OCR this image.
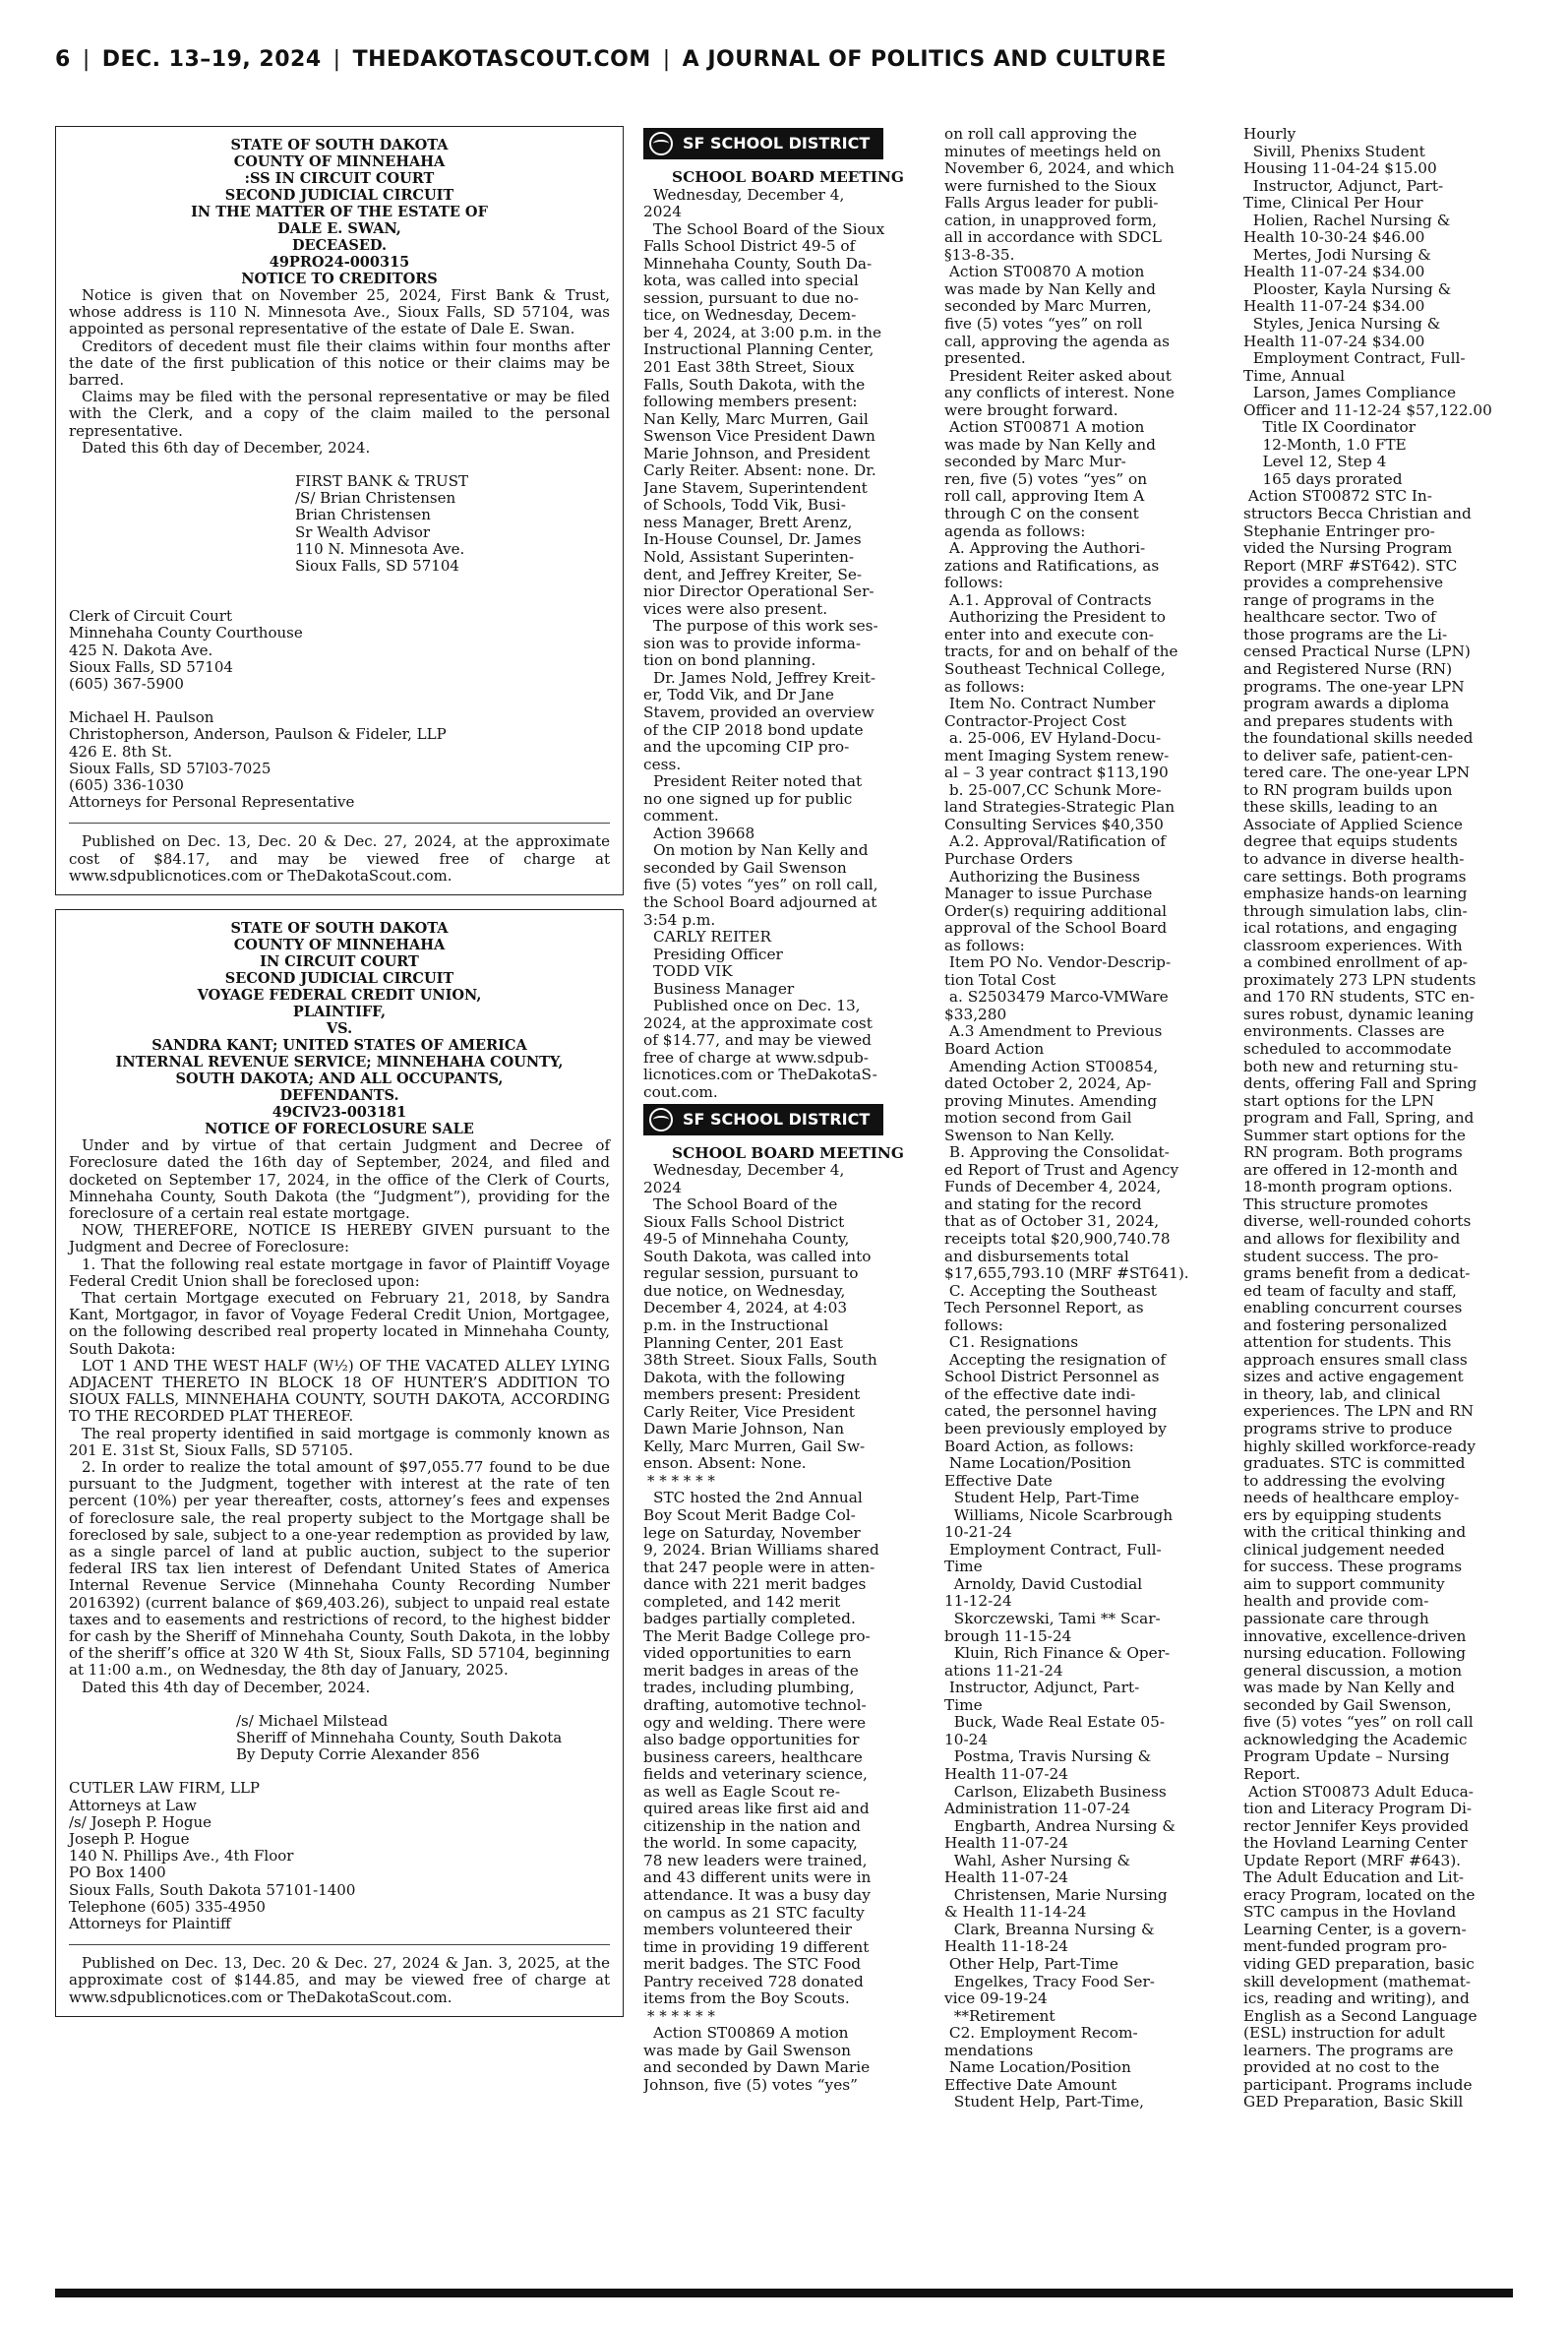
6 | DEC. 13–19, 2024 | THEDAKOTASCOUT.COM | A JOURNAL OF POLITICS AND CULTURE
STATE OF SOUTH DAKOTA
COUNTY OF MINNEHAHA
:SS IN CIRCUIT COURT
SECOND JUDICIAL CIRCUIT
IN THE MATTER OF THE ESTATE OF
DALE E. SWAN,
DECEASED.
49PRO24-000315
NOTICE TO CREDITORS
Notice is given that on November 25, 2024, First Bank & Trust, whose address is 110 N. Minnesota Ave., Sioux Falls, SD 57104, was appointed as personal representative of the estate of Dale E. Swan.
Creditors of decedent must file their claims within four months after the date of the first publication of this notice or their claims may be barred.
Claims may be filed with the personal representative or may be filed with the Clerk, and a copy of the claim mailed to the personal representative.
Dated this 6th day of December, 2024.
FIRST BANK & TRUST
/S/ Brian Christensen
Brian Christensen
Sr Wealth Advisor
110 N. Minnesota Ave.
Sioux Falls, SD 57104
Clerk of Circuit Court
Minnehaha County Courthouse
425 N. Dakota Ave.
Sioux Falls, SD 57104
(605) 367-5900
Michael H. Paulson
Christopherson, Anderson, Paulson & Fideler, LLP
426 E. 8th St.
Sioux Falls, SD 57l03-7025
(605) 336-1030
Attorneys for Personal Representative

Published on Dec. 13, Dec. 20 & Dec. 27, 2024, at the approximate cost of $84.17, and may be viewed free of charge at www.sdpublicnotices.com or TheDakotaScout.com.

STATE OF SOUTH DAKOTA
COUNTY OF MINNEHAHA
IN CIRCUIT COURT
SECOND JUDICIAL CIRCUIT
VOYAGE FEDERAL CREDIT UNION,
PLAINTIFF,
VS.
SANDRA KANT; UNITED STATES OF AMERICA
INTERNAL REVENUE SERVICE; MINNEHAHA COUNTY,
SOUTH DAKOTA; AND ALL OCCUPANTS,
DEFENDANTS.
49CIV23-003181
NOTICE OF FORECLOSURE SALE
Under and by virtue of that certain Judgment and Decree of Foreclosure dated the 16th day of September, 2024, and filed and docketed on September 17, 2024, in the office of the Clerk of Courts, Minnehaha County, South Dakota (the “Judgment”), providing for the foreclosure of a certain real estate mortgage.
NOW, THEREFORE, NOTICE IS HEREBY GIVEN pursuant to the Judgment and Decree of Foreclosure:
1. That the following real estate mortgage in favor of Plaintiff Voyage Federal Credit Union shall be foreclosed upon:
That certain Mortgage executed on February 21, 2018, by Sandra Kant, Mortgagor, in favor of Voyage Federal Credit Union, Mortgagee, on the following described real property located in Minnehaha County, South Dakota:
LOT 1 AND THE WEST HALF (W½) OF THE VACATED ALLEY LYING ADJACENT THERETO IN BLOCK 18 OF HUNTER’S ADDITION TO SIOUX FALLS, MINNEHAHA COUNTY, SOUTH DAKOTA, ACCORDING TO THE RECORDED PLAT THEREOF.
The real property identified in said mortgage is commonly known as 201 E. 31st St, Sioux Falls, SD 57105.
2. In order to realize the total amount of $97,055.77 found to be due pursuant to the Judgment, together with interest at the rate of ten percent (10%) per year thereafter, costs, attorney’s fees and expenses of foreclosure sale, the real property subject to the Mortgage shall be foreclosed by sale, subject to a one-year redemption as provided by law, as a single parcel of land at public auction, subject to the superior federal IRS tax lien interest of Defendant United States of America Internal Revenue Service (Minnehaha County Recording Number 2016392) (current balance of $69,403.26), subject to unpaid real estate taxes and to easements and restrictions of record, to the highest bidder for cash by the Sheriff of Minnehaha County, South Dakota, in the lobby of the sheriff’s office at 320 W 4th St, Sioux Falls, SD 57104, beginning at 11:00 a.m., on Wednesday, the 8th day of January, 2025.
Dated this 4th day of December, 2024.
/s/ Michael Milstead
Sheriff of Minnehaha County, South Dakota
By Deputy Corrie Alexander 856
CUTLER LAW FIRM, LLP
Attorneys at Law
/s/ Joseph P. Hogue
Joseph P. Hogue
140 N. Phillips Ave., 4th Floor
PO Box 1400
Sioux Falls, South Dakota 57101-1400
Telephone (605) 335-4950
Attorneys for Plaintiff

Published on Dec. 13, Dec. 20 & Dec. 27, 2024 & Jan. 3, 2025, at the approximate cost of $144.85, and may be viewed free of charge at www.sdpublicnotices.com or TheDakotaScout.com.

SF SCHOOL DISTRICT
SCHOOL BOARD MEETING
Wednesday, December 4,
2024
The School Board of the Sioux
Falls School District 49-5 of
Minnehaha County, South Da-
kota, was called into special
session, pursuant to due no-
tice, on Wednesday, Decem-
ber 4, 2024, at 3:00 p.m. in the
Instructional Planning Center,
201 East 38th Street, Sioux
Falls, South Dakota, with the
following members present:
Nan Kelly, Marc Murren, Gail
Swenson Vice President Dawn
Marie Johnson, and President
Carly Reiter. Absent: none. Dr.
Jane Stavem, Superintendent
of Schools, Todd Vik, Busi-
ness Manager, Brett Arenz,
In-House Counsel, Dr. James
Nold, Assistant Superinten-
dent, and Jeffrey Kreiter, Se-
nior Director Operational Ser-
vices were also present.
The purpose of this work ses-
sion was to provide informa-
tion on bond planning.
Dr. James Nold, Jeffrey Kreit-
er, Todd Vik, and Dr Jane
Stavem, provided an overview
of the CIP 2018 bond update
and the upcoming CIP pro-
cess.
President Reiter noted that
no one signed up for public
comment.
Action 39668
On motion by Nan Kelly and
seconded by Gail Swenson
five (5) votes “yes” on roll call,
the School Board adjourned at
3:54 p.m.
CARLY REITER
Presiding Officer
TODD VIK
Business Manager
Published once on Dec. 13,
2024, at the approximate cost
of $14.77, and may be viewed
free of charge at www.sdpub-
licnotices.com or TheDakotaS-
cout.com.
SF SCHOOL DISTRICT
SCHOOL BOARD MEETING
Wednesday, December 4,
2024
The School Board of the
Sioux Falls School District
49-5 of Minnehaha County,
South Dakota, was called into
regular session, pursuant to
due notice, on Wednesday,
December 4, 2024, at 4:03
p.m. in the Instructional
Planning Center, 201 East
38th Street. Sioux Falls, South
Dakota, with the following
members present: President
Carly Reiter, Vice President
Dawn Marie Johnson, Nan
Kelly, Marc Murren, Gail Sw-
enson. Absent: None.
* * * * * *
STC hosted the 2nd Annual
Boy Scout Merit Badge Col-
lege on Saturday, November
9, 2024. Brian Williams shared
that 247 people were in atten-
dance with 221 merit badges
completed, and 142 merit
badges partially completed.
The Merit Badge College pro-
vided opportunities to earn
merit badges in areas of the
trades, including plumbing,
drafting, automotive technol-
ogy and welding. There were
also badge opportunities for
business careers, healthcare
fields and veterinary science,
as well as Eagle Scout re-
quired areas like first aid and
citizenship in the nation and
the world. In some capacity,
78 new leaders were trained,
and 43 different units were in
attendance. It was a busy day
on campus as 21 STC faculty
members volunteered their
time in providing 19 different
merit badges. The STC Food
Pantry received 728 donated
items from the Boy Scouts.
* * * * * *
Action ST00869 A motion
was made by Gail Swenson
and seconded by Dawn Marie
Johnson, five (5) votes “yes”
on roll call approving the
minutes of meetings held on
November 6, 2024, and which
were furnished to the Sioux
Falls Argus leader for publi-
cation, in unapproved form,
all in accordance with SDCL
§13-8-35.
Action ST00870 A motion
was made by Nan Kelly and
seconded by Marc Murren,
five (5) votes “yes” on roll
call, approving the agenda as
presented.
President Reiter asked about
any conflicts of interest. None
were brought forward.
Action ST00871 A motion
was made by Nan Kelly and
seconded by Marc Mur-
ren, five (5) votes “yes” on
roll call, approving Item A
through C on the consent
agenda as follows:
A. Approving the Authori-
zations and Ratifications, as
follows:
A.1. Approval of Contracts
Authorizing the President to
enter into and execute con-
tracts, for and on behalf of the
Southeast Technical College,
as follows:
Item No. Contract Number
Contractor-Project Cost
a. 25-006, EV Hyland-Docu-
ment Imaging System renew-
al – 3 year contract $113,190
b. 25-007,CC Schunk More-
land Strategies-Strategic Plan
Consulting Services $40,350
A.2. Approval/Ratification of
Purchase Orders
Authorizing the Business
Manager to issue Purchase
Order(s) requiring additional
approval of the School Board
as follows:
Item PO No. Vendor-Descrip-
tion Total Cost
a. S2503479 Marco-VMWare
$33,280
A.3 Amendment to Previous
Board Action
Amending Action ST00854,
dated October 2, 2024, Ap-
proving Minutes. Amending
motion second from Gail
Swenson to Nan Kelly.
B. Approving the Consolidat-
ed Report of Trust and Agency
Funds of December 4, 2024,
and stating for the record
that as of October 31, 2024,
receipts total $20,900,740.78
and disbursements total
$17,655,793.10 (MRF #ST641).
C. Accepting the Southeast
Tech Personnel Report, as
follows:
C1. Resignations
Accepting the resignation of
School District Personnel as
of the effective date indi-
cated, the personnel having
been previously employed by
Board Action, as follows:
Name Location/Position
Effective Date
Student Help, Part-Time
Williams, Nicole Scarbrough
10-21-24
Employment Contract, Full-
Time
Arnoldy, David Custodial
11-12-24
Skorczewski, Tami ** Scar-
brough 11-15-24
Kluin, Rich Finance & Oper-
ations 11-21-24
Instructor, Adjunct, Part-
Time
Buck, Wade Real Estate 05-
10-24
Postma, Travis Nursing &
Health 11-07-24
Carlson, Elizabeth Business
Administration 11-07-24
Engbarth, Andrea Nursing &
Health 11-07-24
Wahl, Asher Nursing &
Health 11-07-24
Christensen, Marie Nursing
& Health 11-14-24
Clark, Breanna Nursing &
Health 11-18-24
Other Help, Part-Time
Engelkes, Tracy Food Ser-
vice 09-19-24
**Retirement
C2. Employment Recom-
mendations
Name Location/Position
Effective Date Amount
Student Help, Part-Time,
Hourly
Sivill, Phenixs Student
Housing 11-04-24 $15.00
Instructor, Adjunct, Part-
Time, Clinical Per Hour
Holien, Rachel Nursing &
Health 10-30-24 $46.00
Mertes, Jodi Nursing &
Health 11-07-24 $34.00
Plooster, Kayla Nursing &
Health 11-07-24 $34.00
Styles, Jenica Nursing &
Health 11-07-24 $34.00
Employment Contract, Full-
Time, Annual
Larson, James Compliance
Officer and 11-12-24 $57,122.00
Title IX Coordinator
12-Month, 1.0 FTE
Level 12, Step 4
165 days prorated
Action ST00872 STC In-
structors Becca Christian and
Stephanie Entringer pro-
vided the Nursing Program
Report (MRF #ST642). STC
provides a comprehensive
range of programs in the
healthcare sector. Two of
those programs are the Li-
censed Practical Nurse (LPN)
and Registered Nurse (RN)
programs. The one-year LPN
program awards a diploma
and prepares students with
the foundational skills needed
to deliver safe, patient-cen-
tered care. The one-year LPN
to RN program builds upon
these skills, leading to an
Associate of Applied Science
degree that equips students
to advance in diverse health-
care settings. Both programs
emphasize hands-on learning
through simulation labs, clin-
ical rotations, and engaging
classroom experiences. With
a combined enrollment of ap-
proximately 273 LPN students
and 170 RN students, STC en-
sures robust, dynamic leaning
environments. Classes are
scheduled to accommodate
both new and returning stu-
dents, offering Fall and Spring
start options for the LPN
program and Fall, Spring, and
Summer start options for the
RN program. Both programs
are offered in 12-month and
18-month program options.
This structure promotes
diverse, well-rounded cohorts
and allows for flexibility and
student success. The pro-
grams benefit from a dedicat-
ed team of faculty and staff,
enabling concurrent courses
and fostering personalized
attention for students. This
approach ensures small class
sizes and active engagement
in theory, lab, and clinical
experiences. The LPN and RN
programs strive to produce
highly skilled workforce-ready
graduates. STC is committed
to addressing the evolving
needs of healthcare employ-
ers by equipping students
with the critical thinking and
clinical judgement needed
for success. These programs
aim to support community
health and provide com-
passionate care through
innovative, excellence-driven
nursing education. Following
general discussion, a motion
was made by Nan Kelly and
seconded by Gail Swenson,
five (5) votes “yes” on roll call
acknowledging the Academic
Program Update – Nursing
Report.
Action ST00873 Adult Educa-
tion and Literacy Program Di-
rector Jennifer Keys provided
the Hovland Learning Center
Update Report (MRF #643).
The Adult Education and Lit-
eracy Program, located on the
STC campus in the Hovland
Learning Center, is a govern-
ment-funded program pro-
viding GED preparation, basic
skill development (mathemat-
ics, reading and writing), and
English as a Second Language
(ESL) instruction for adult
learners. The programs are
provided at no cost to the
participant. Programs include
GED Preparation, Basic Skill
